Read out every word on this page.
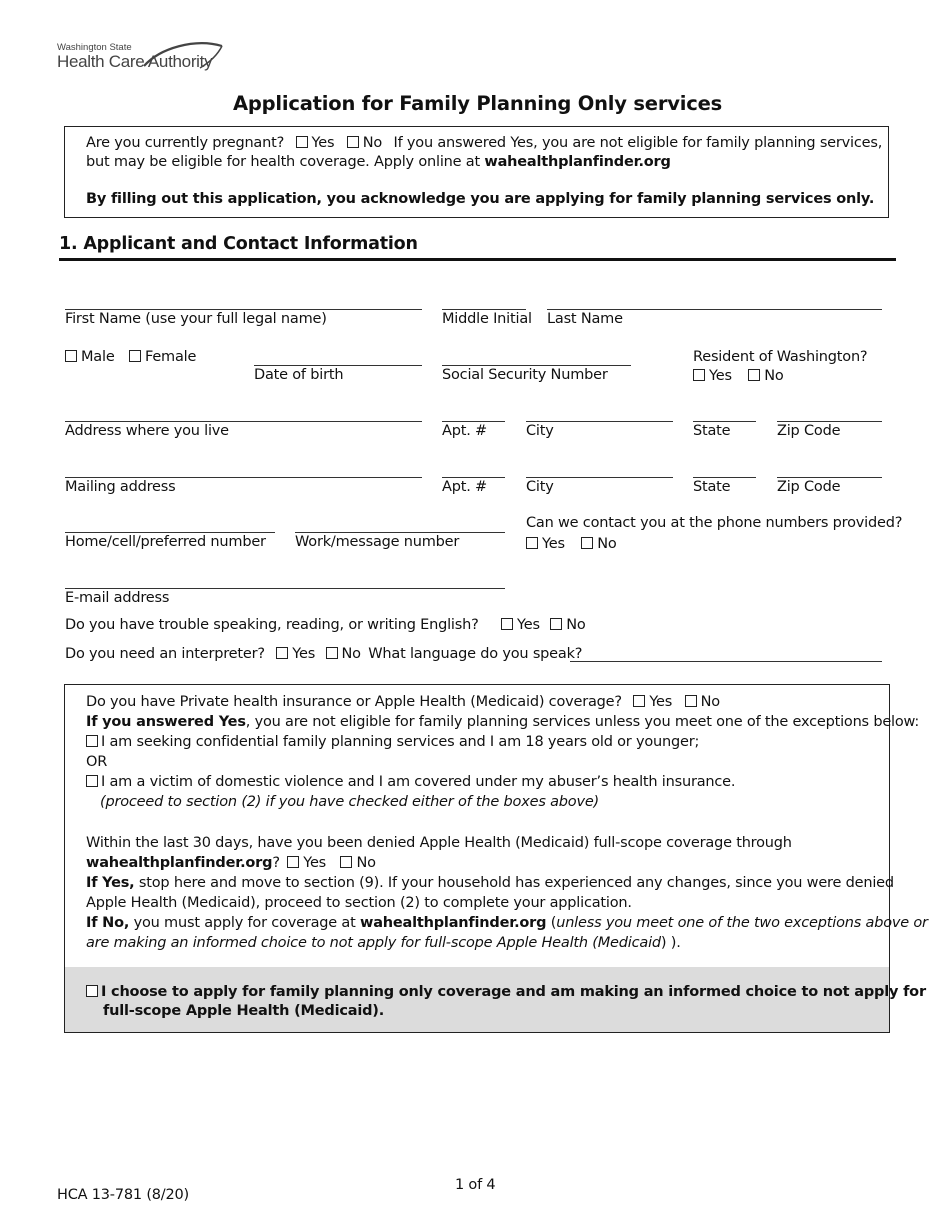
Washington State
Health Care Authority
Application for Family Planning Only services
Are you currently pregnant? Yes No If you answered Yes, you are not eligible for family planning services,
but may be eligible for health coverage. Apply online at wahealthplanfinder.org
By filling out this application, you acknowledge you are applying for family planning services only.
1. Applicant and Contact Information
First Name (use your full legal name)	Middle Initial Last Name
Male Female
Date of birth	Social Security Number
Resident of Washington?
Yes No
Address where you live	Apt. #	City	State	Zip Code
Mailing address	Apt. #	City	State	Zip Code
Home/cell/preferred number Work/message number
Can we contact you at the phone numbers provided?
Yes No
E-mail address
Do you have trouble speaking, reading, or writing English?	Yes No
Do you need an interpreter? Yes No What language do you speak?
Do you have Private health insurance or Apple Health (Medicaid) coverage? Yes No
If you answered Yes, you are not eligible for family planning services unless you meet one of the exceptions below:
I am seeking confidential family planning services and I am 18 years old or younger;
OR
I am a victim of domestic violence and I am covered under my abuser’s health insurance.
(proceed to section (2) if you have checked either of the boxes above)
Within the last 30 days, have you been denied Apple Health (Medicaid) full-scope coverage through
wahealthplanfinder.org? Yes No
If Yes, stop here and move to section (9). If your household has experienced any changes, since you were denied
Apple Health (Medicaid), proceed to section (2) to complete your application.
If No, you must apply for coverage at wahealthplanfinder.org (unless you meet one of the two exceptions above or
are making an informed choice to not apply for full-scope Apple Health (Medicaid) ).
I choose to apply for family planning only coverage and am making an informed choice to not apply for
full-scope Apple Health (Medicaid).
1 of 4
HCA 13-781 (8/20)
